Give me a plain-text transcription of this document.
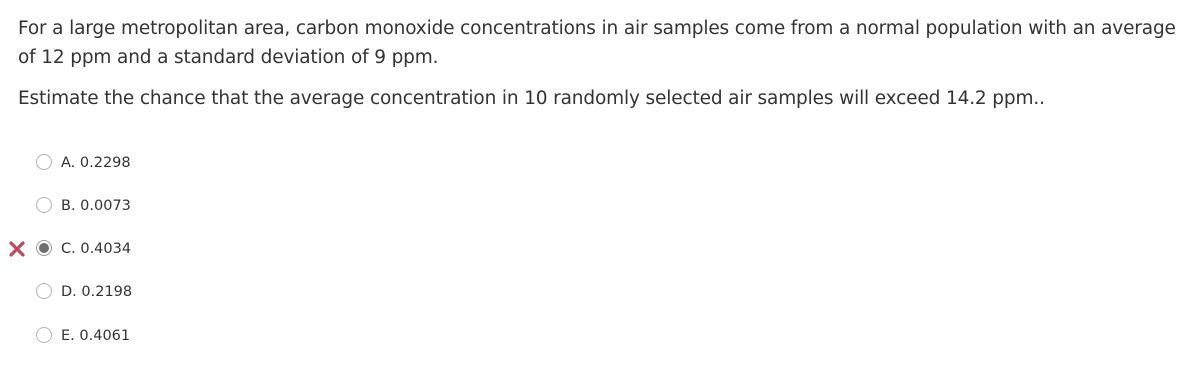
For a large metropolitan area, carbon monoxide concentrations in air samples come from a normal population with an average of 12 ppm and a standard deviation of 9 ppm.

Estimate the chance that the average concentration in 10 randomly selected air samples will exceed 14.2 ppm..

A. 0.2298
B. 0.0073
C. 0.4034
D. 0.2198
E. 0.4061
